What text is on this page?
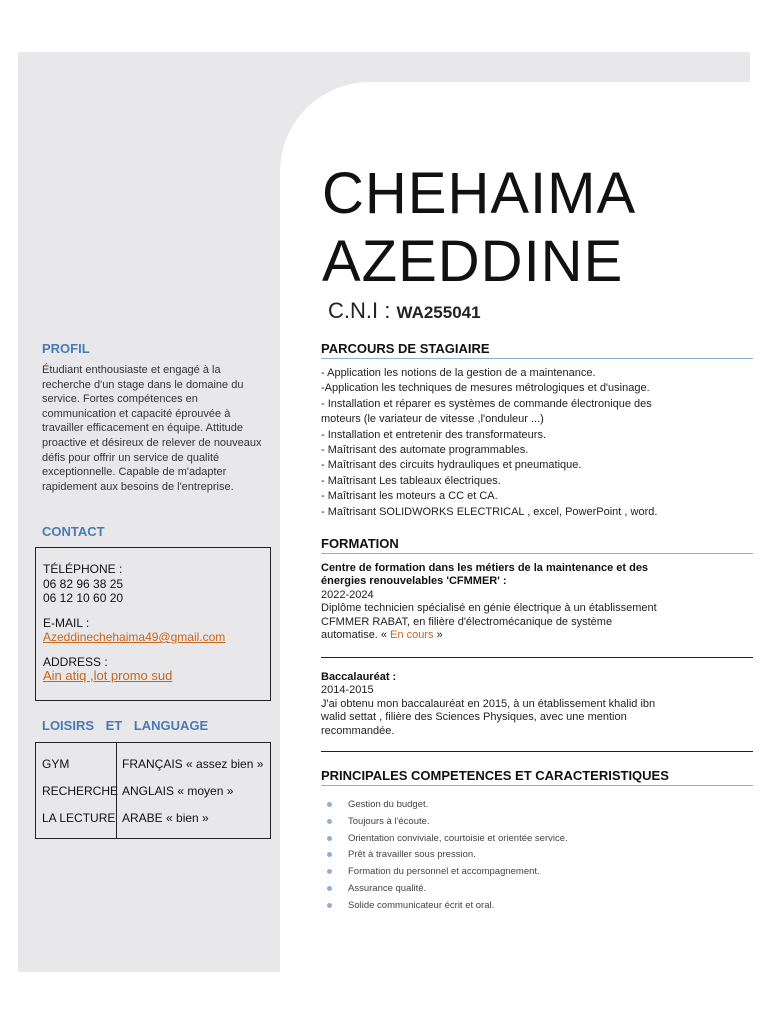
CHEHAIMA
AZEDDINE
C.N.I : WA255041
PROFIL
Étudiant enthousiaste et engagé à la recherche d'un stage dans le domaine du service. Fortes compétences en communication et capacité éprouvée à travailler efficacement en équipe. Attitude proactive et désireux de relever de nouveaux défis pour offrir un service de qualité exceptionnelle. Capable de m'adapter rapidement aux besoins de l'entreprise.
CONTACT
TÉLÉPHONE :
06 82 96 38 25
06 12 10 60 20
E-MAIL :
Azeddinechehaima49@gmail.com
ADDRESS :
Ain atiq ,lot promo sud
LOISIRS ET LANGUAGE
GYM	FRANÇAIS « assez bien »
RECHERCHE ANGLAIS « moyen »
LA LECTURE ARABE « bien »
PARCOURS DE STAGIAIRE
- Application les notions de la gestion de a maintenance.
-Application les techniques de mesures métrologiques et d'usinage.
- Installation et réparer es systèmes de commande électronique des
moteurs (le variateur de vitesse ,l'onduleur ...)
- Installation et entretenir des transformateurs.
- Maîtrisant des automate programmables.
- Maîtrisant des circuits hydrauliques et pneumatique.
- Maîtrisant Les tableaux électriques.
- Maîtrisant les moteurs a CC et CA.
- Maîtrisant SOLIDWORKS ELECTRICAL , excel, PowerPoint , word.
FORMATION
Centre de formation dans les métiers de la maintenance et des
énergies renouvelables 'CFMMER' :
2022-2024
Diplôme technicien spécialisé en génie électrique à un établissement
CFMMER RABAT, en filière d'électromécanique de système
automatise. « En cours »
Baccalauréat :
2014-2015
J'ai obtenu mon baccalauréat en 2015, à un établissement khalid ibn
walid settat , filière des Sciences Physiques, avec une mention
recommandée.
PRINCIPALES COMPETENCES ET CARACTERISTIQUES
Gestion du budget.
Toujours à l'écoute.
Orientation conviviale, courtoisie et orientée service.
Prêt à travailler sous pression.
Formation du personnel et accompagnement.
Assurance qualité.
Solide communicateur écrit et oral.
